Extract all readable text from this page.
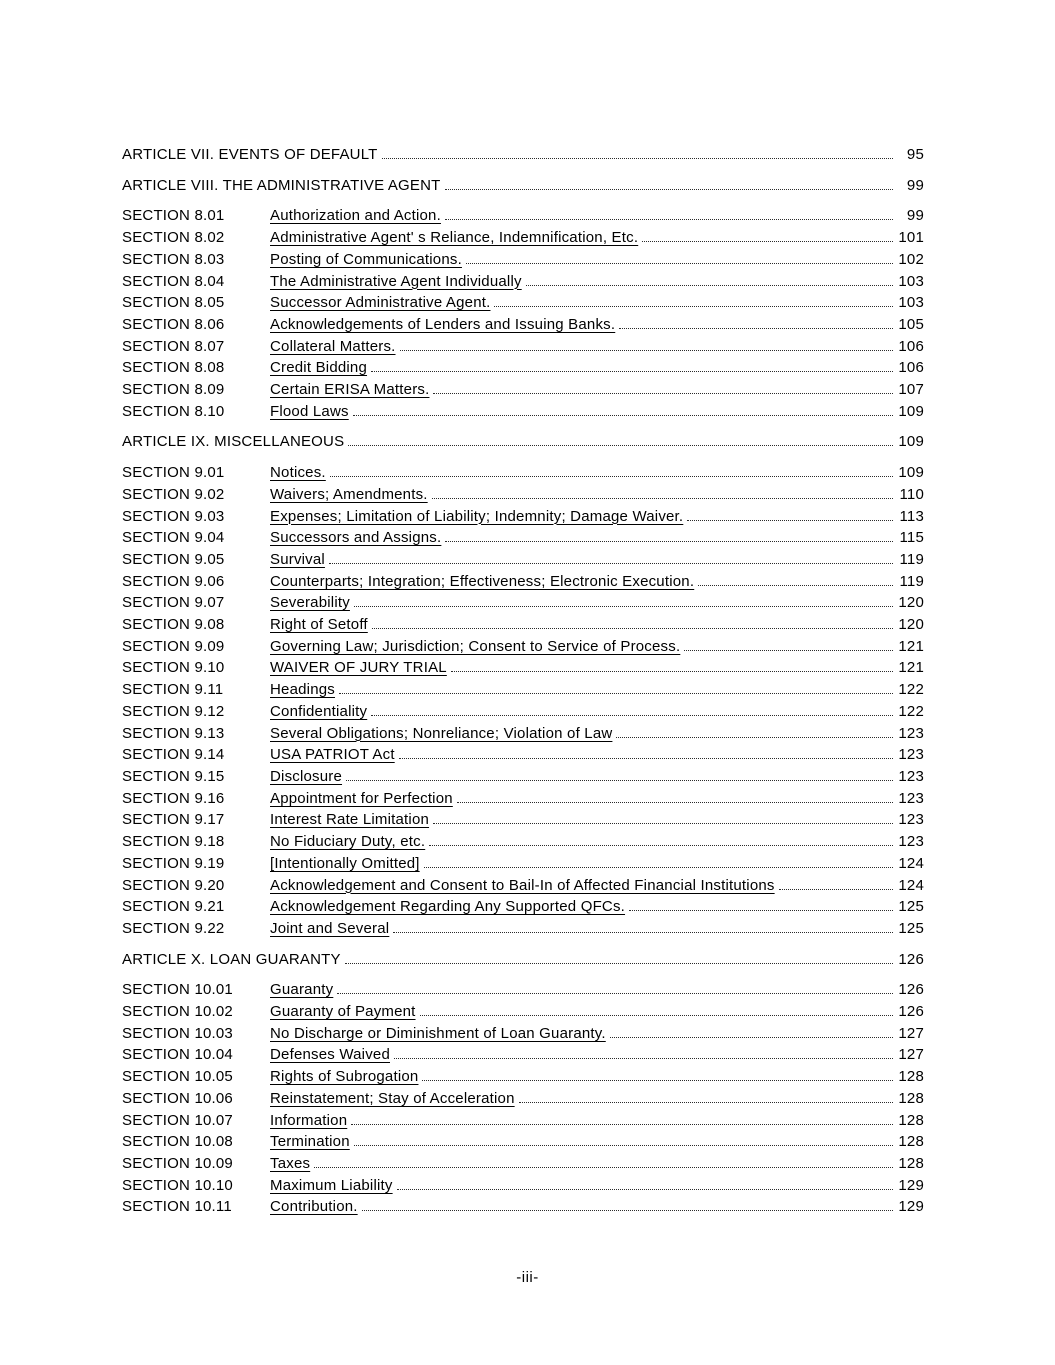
ARTICLE VII. EVENTS OF DEFAULT	95
ARTICLE VIII. THE ADMINISTRATIVE AGENT	99
SECTION 8.01	Authorization and Action.	99
SECTION 8.02	Administrative Agent' s Reliance, Indemnification, Etc.	101
SECTION 8.03	Posting of Communications.	102
SECTION 8.04	The Administrative Agent Individually	103
SECTION 8.05	Successor Administrative Agent.	103
SECTION 8.06	Acknowledgements of Lenders and Issuing Banks.	105
SECTION 8.07	Collateral Matters.	106
SECTION 8.08	Credit Bidding	106
SECTION 8.09	Certain ERISA Matters.	107
SECTION 8.10	Flood Laws	109
ARTICLE IX. MISCELLANEOUS	109
SECTION 9.01	Notices.	109
SECTION 9.02	Waivers; Amendments.	110
SECTION 9.03	Expenses; Limitation of Liability; Indemnity; Damage Waiver.	113
SECTION 9.04	Successors and Assigns.	115
SECTION 9.05	Survival	119
SECTION 9.06	Counterparts; Integration; Effectiveness; Electronic Execution.	119
SECTION 9.07	Severability	120
SECTION 9.08	Right of Setoff	120
SECTION 9.09	Governing Law; Jurisdiction; Consent to Service of Process.	121
SECTION 9.10	WAIVER OF JURY TRIAL	121
SECTION 9.11	Headings	122
SECTION 9.12	Confidentiality	122
SECTION 9.13	Several Obligations; Nonreliance; Violation of Law	123
SECTION 9.14	USA PATRIOT Act	123
SECTION 9.15	Disclosure	123
SECTION 9.16	Appointment for Perfection	123
SECTION 9.17	Interest Rate Limitation	123
SECTION 9.18	No Fiduciary Duty, etc.	123
SECTION 9.19	[Intentionally Omitted]	124
SECTION 9.20	Acknowledgement and Consent to Bail-In of Affected Financial Institutions	124
SECTION 9.21	Acknowledgement Regarding Any Supported QFCs.	125
SECTION 9.22	Joint and Several	125
ARTICLE X. LOAN GUARANTY	126
SECTION 10.01	Guaranty	126
SECTION 10.02	Guaranty of Payment	126
SECTION 10.03	No Discharge or Diminishment of Loan Guaranty.	127
SECTION 10.04	Defenses Waived	127
SECTION 10.05	Rights of Subrogation	128
SECTION 10.06	Reinstatement; Stay of Acceleration	128
SECTION 10.07	Information	128
SECTION 10.08	Termination	128
SECTION 10.09	Taxes	128
SECTION 10.10	Maximum Liability	129
SECTION 10.11	Contribution.	129
-iii-
